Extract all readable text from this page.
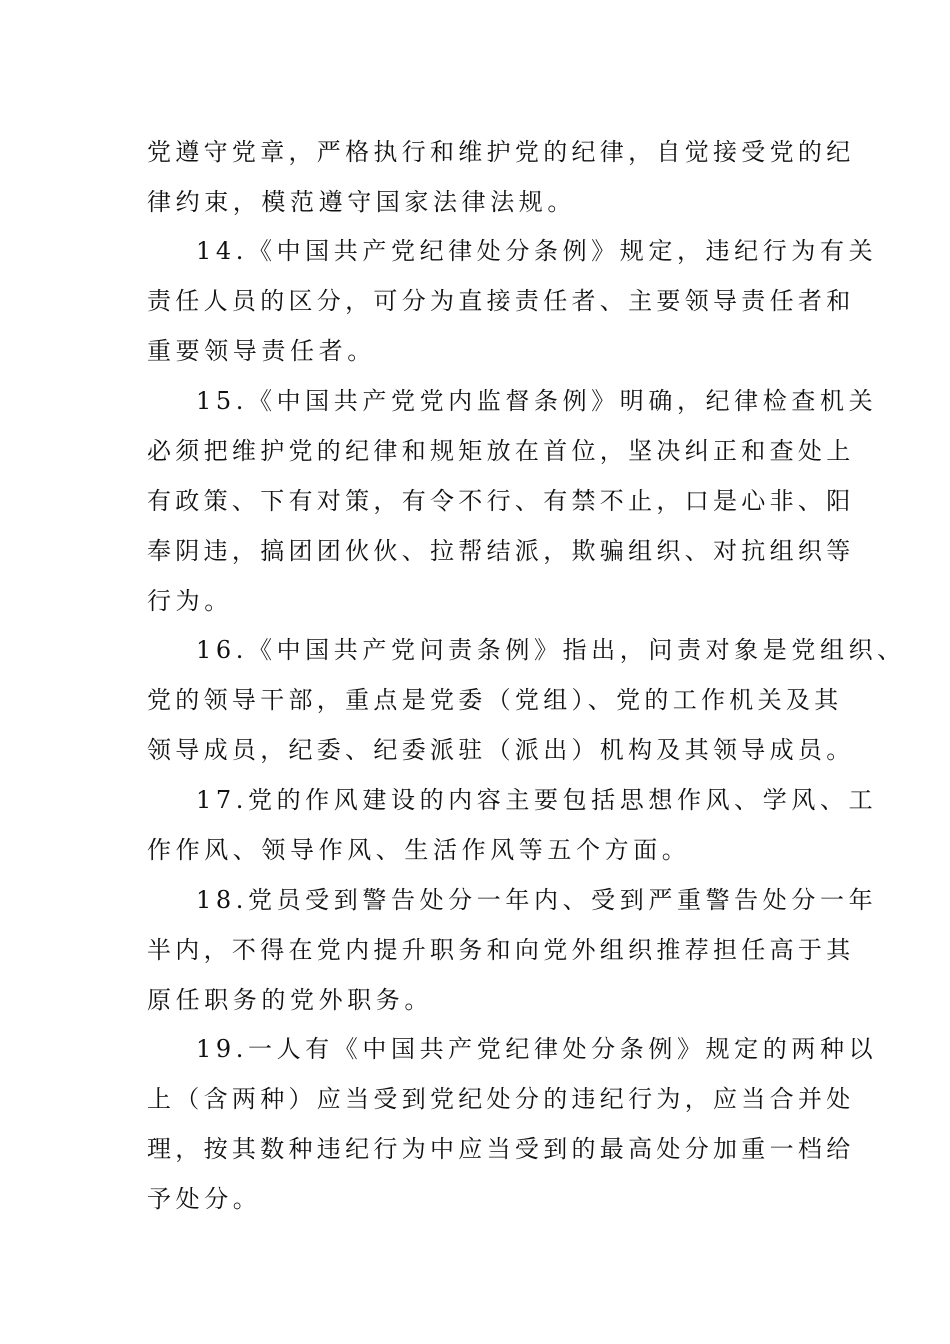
党遵守党章，严格执行和维护党的纪律，自觉接受党的纪

律约束，模范遵守国家法律法规。

14.《中国共产党纪律处分条例》规定，违纪行为有关

责任人员的区分，可分为直接责任者、主要领导责任者和

重要领导责任者。

15.《中国共产党党内监督条例》明确，纪律检查机关

必须把维护党的纪律和规矩放在首位，坚决纠正和查处上

有政策、下有对策，有令不行、有禁不止，口是心非、阳

奉阴违，搞团团伙伙、拉帮结派，欺骗组织、对抗组织等

行为。

16.《中国共产党问责条例》指出，问责对象是党组织、

党的领导干部，重点是党委（党组）、党的工作机关及其

领导成员，纪委、纪委派驻（派出）机构及其领导成员。

17.党的作风建设的内容主要包括思想作风、学风、工

作作风、领导作风、生活作风等五个方面。

18.党员受到警告处分一年内、受到严重警告处分一年

半内，不得在党内提升职务和向党外组织推荐担任高于其

原任职务的党外职务。

19.一人有《中国共产党纪律处分条例》规定的两种以

上（含两种）应当受到党纪处分的违纪行为，应当合并处

理，按其数种违纪行为中应当受到的最高处分加重一档给

予处分。
